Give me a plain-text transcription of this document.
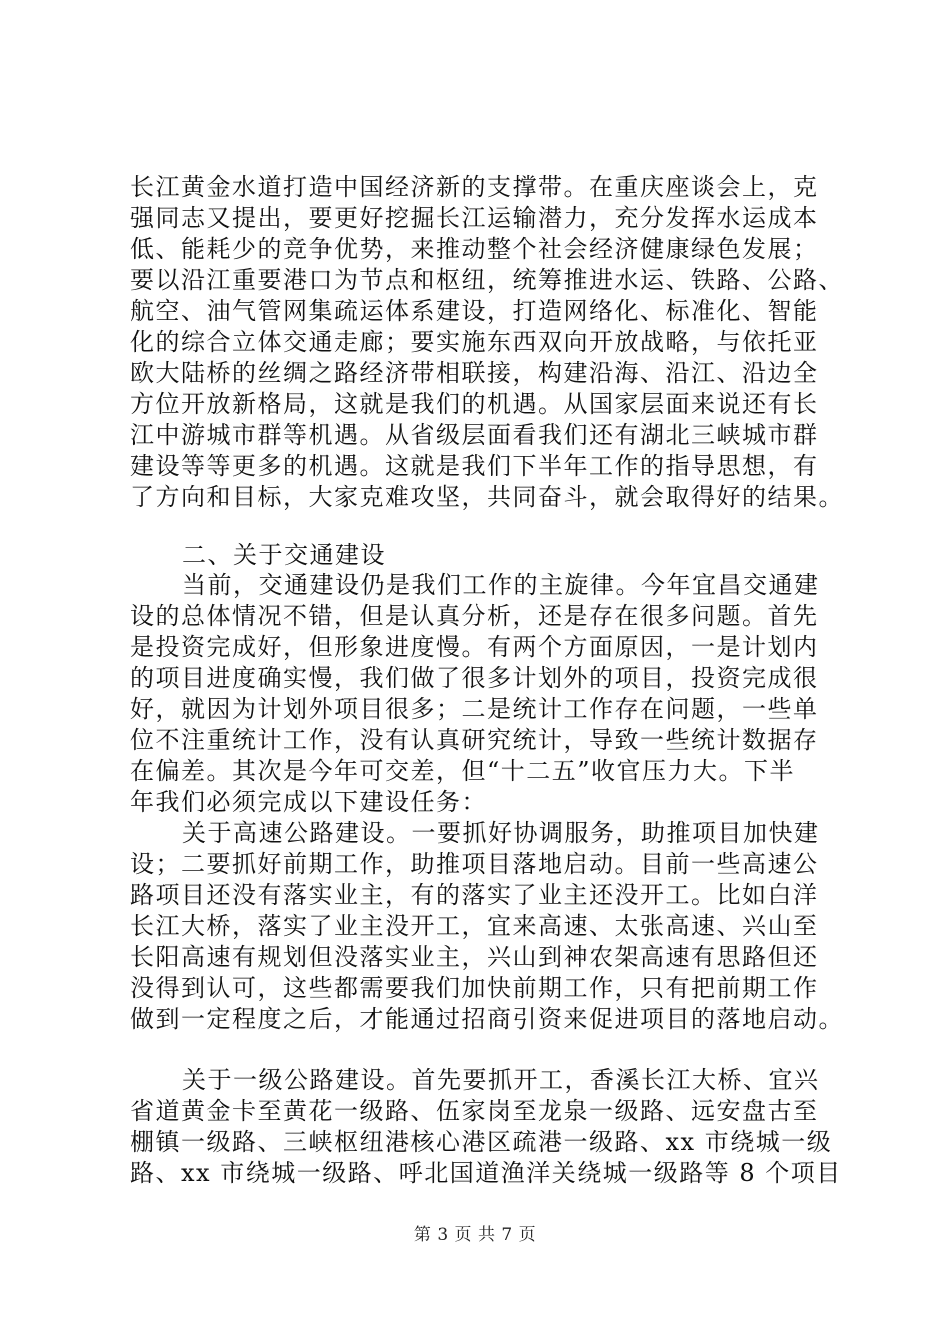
长江黄金水道打造中国经济新的支撑带。在重庆座谈会上，克
强同志又提出，要更好挖掘长江运输潜力，充分发挥水运成本
低、能耗少的竞争优势，来推动整个社会经济健康绿色发展；
要以沿江重要港口为节点和枢纽，统筹推进水运、铁路、公路、
航空、油气管网集疏运体系建设，打造网络化、标准化、智能
化的综合立体交通走廊；要实施东西双向开放战略，与依托亚
欧大陆桥的丝绸之路经济带相联接，构建沿海、沿江、沿边全
方位开放新格局，这就是我们的机遇。从国家层面来说还有长
江中游城市群等机遇。从省级层面看我们还有湖北三峡城市群
建设等等更多的机遇。这就是我们下半年工作的指导思想，有
了方向和目标，大家克难攻坚，共同奋斗，就会取得好的结果。
二、关于交通建设
当前，交通建设仍是我们工作的主旋律。今年宜昌交通建
设的总体情况不错，但是认真分析，还是存在很多问题。首先
是投资完成好，但形象进度慢。有两个方面原因，一是计划内
的项目进度确实慢，我们做了很多计划外的项目，投资完成很
好，就因为计划外项目很多；二是统计工作存在问题，一些单
位不注重统计工作，没有认真研究统计，导致一些统计数据存
在偏差。其次是今年可交差，但“十二五”收官压力大。下半
年我们必须完成以下建设任务：
关于高速公路建设。一要抓好协调服务，助推项目加快建
设；二要抓好前期工作，助推项目落地启动。目前一些高速公
路项目还没有落实业主，有的落实了业主还没开工。比如白洋
长江大桥，落实了业主没开工，宜来高速、太张高速、兴山至
长阳高速有规划但没落实业主，兴山到神农架高速有思路但还
没得到认可，这些都需要我们加快前期工作，只有把前期工作
做到一定程度之后，才能通过招商引资来促进项目的落地启动。
关于一级公路建设。首先要抓开工，香溪长江大桥、宜兴
省道黄金卡至黄花一级路、伍家岗至龙泉一级路、远安盘古至
棚镇一级路、三峡枢纽港核心港区疏港一级路、xx 市绕城一级
路、xx 市绕城一级路、呼北国道渔洋关绕城一级路等 8 个项目
第 3 页 共 7 页
